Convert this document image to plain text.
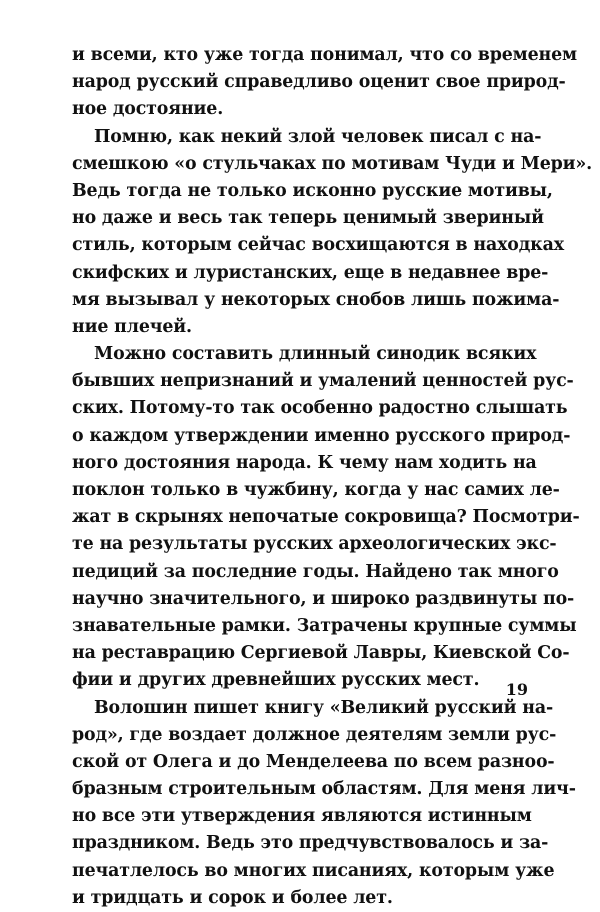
и всеми, кто уже тогда понимал, что со временем
народ русский справедливо оценит свое природ-
ное достояние.
Помню, как некий злой человек писал с на-
смешкою «о стульчаках по мотивам Чуди и Мери».
Ведь тогда не только исконно русские мотивы,
но даже и весь так теперь ценимый звериный
стиль, которым сейчас восхищаются в находках
скифских и луристанских, еще в недавнее вре-
мя вызывал у некоторых снобов лишь пожима-
ние плечей.
Можно составить длинный синодик всяких
бывших непризнаний и умалений ценностей рус-
ских. Потому-то так особенно радостно слышать
о каждом утверждении именно русского природ-
ного достояния народа. К чему нам ходить на
поклон только в чужбину, когда у нас самих ле-
жат в скрынях непочатые сокровища? Посмотри-
те на результаты русских археологических экс-
педиций за последние годы. Найдено так много
научно значительного, и широко раздвинуты по-
знавательные рамки. Затрачены крупные суммы
на реставрацию Сергиевой Лавры, Киевской Со-
фии и других древнейших русских мест.
Волошин пишет книгу «Великий русский на-
род», где воздает должное деятелям земли рус-
ской от Олега и до Менделеева по всем разноо-
бразным строительным областям. Для меня лич-
но все эти утверждения являются истинным
праздником. Ведь это предчувствовалось и за-
печатлелось во многих писаниях, которым уже
и тридцать и сорок и более лет.
19
